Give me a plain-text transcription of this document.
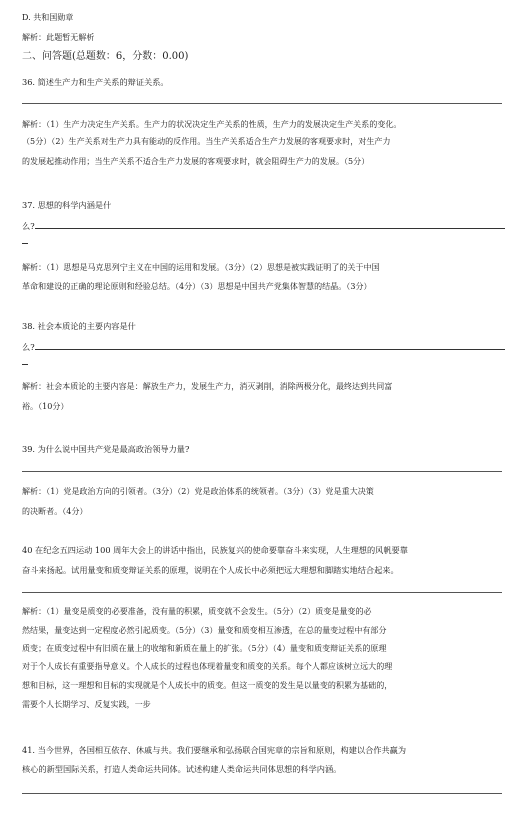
D. 共和国勋章
解析：此题暂无解析
二、问答题(总题数：6，分数：0.00)
36. 简述生产力和生产关系的辩证关系。
解析：（1）生产力决定生产关系。生产力的状况决定生产关系的性质，生产力的发展决定生产关系的变化。
（5分）（2）生产关系对生产力具有能动的反作用。当生产关系适合生产力发展的客观要求时，对生产力
的发展起推动作用；当生产关系不适合生产力发展的客观要求时，就会阻碍生产力的发展。（5分）
37. 思想的科学内涵是什
么?
解析：（1）思想是马克思列宁主义在中国的运用和发展。（3分）（2）思想是被实践证明了的关于中国
革命和建设的正确的理论原则和经验总结。（4分）（3）思想是中国共产党集体智慧的结晶。（3分）
38. 社会本质论的主要内容是什
么?
解析：社会本质论的主要内容是：解放生产力，发展生产力，消灭剥削，消除两极分化，最终达到共同富
裕。（10分）
39. 为什么说中国共产党是最高政治领导力量?
解析：（1）党是政治方向的引领者。（3分）（2）党是政治体系的统领者。（3分）（3）党是重大决策
的决断者。（4分）
40 在纪念五四运动 100 周年大会上的讲话中指出，民族复兴的使命要靠奋斗来实现，人生理想的风帆要靠
奋斗来扬起。试用量变和质变辩证关系的原理，说明在个人成长中必须把远大理想和脚踏实地结合起来。
解析：（1）量变是质变的必要准备，没有量的积累，质变就不会发生。（5分）（2）质变是量变的必
然结果，量变达到一定程度必然引起质变。（5分）（3）量变和质变相互渗透，在总的量变过程中有部分
质变；在质变过程中有旧质在量上的收缩和新质在量上的扩张。（5分）（4）量变和质变辩证关系的原理
对于个人成长有重要指导意义。个人成长的过程也体现着量变和质变的关系。每个人都应该树立远大的理
想和目标，这一理想和目标的实现就是个人成长中的质变。但这一质变的发生是以量变的积累为基础的，
需要个人长期学习、反复实践，一步
41. 当今世界，各国相互依存、休戚与共。我们要继承和弘扬联合国宪章的宗旨和原则，构建以合作共赢为
核心的新型国际关系，打造人类命运共同体。试述构建人类命运共同体思想的科学内涵。
